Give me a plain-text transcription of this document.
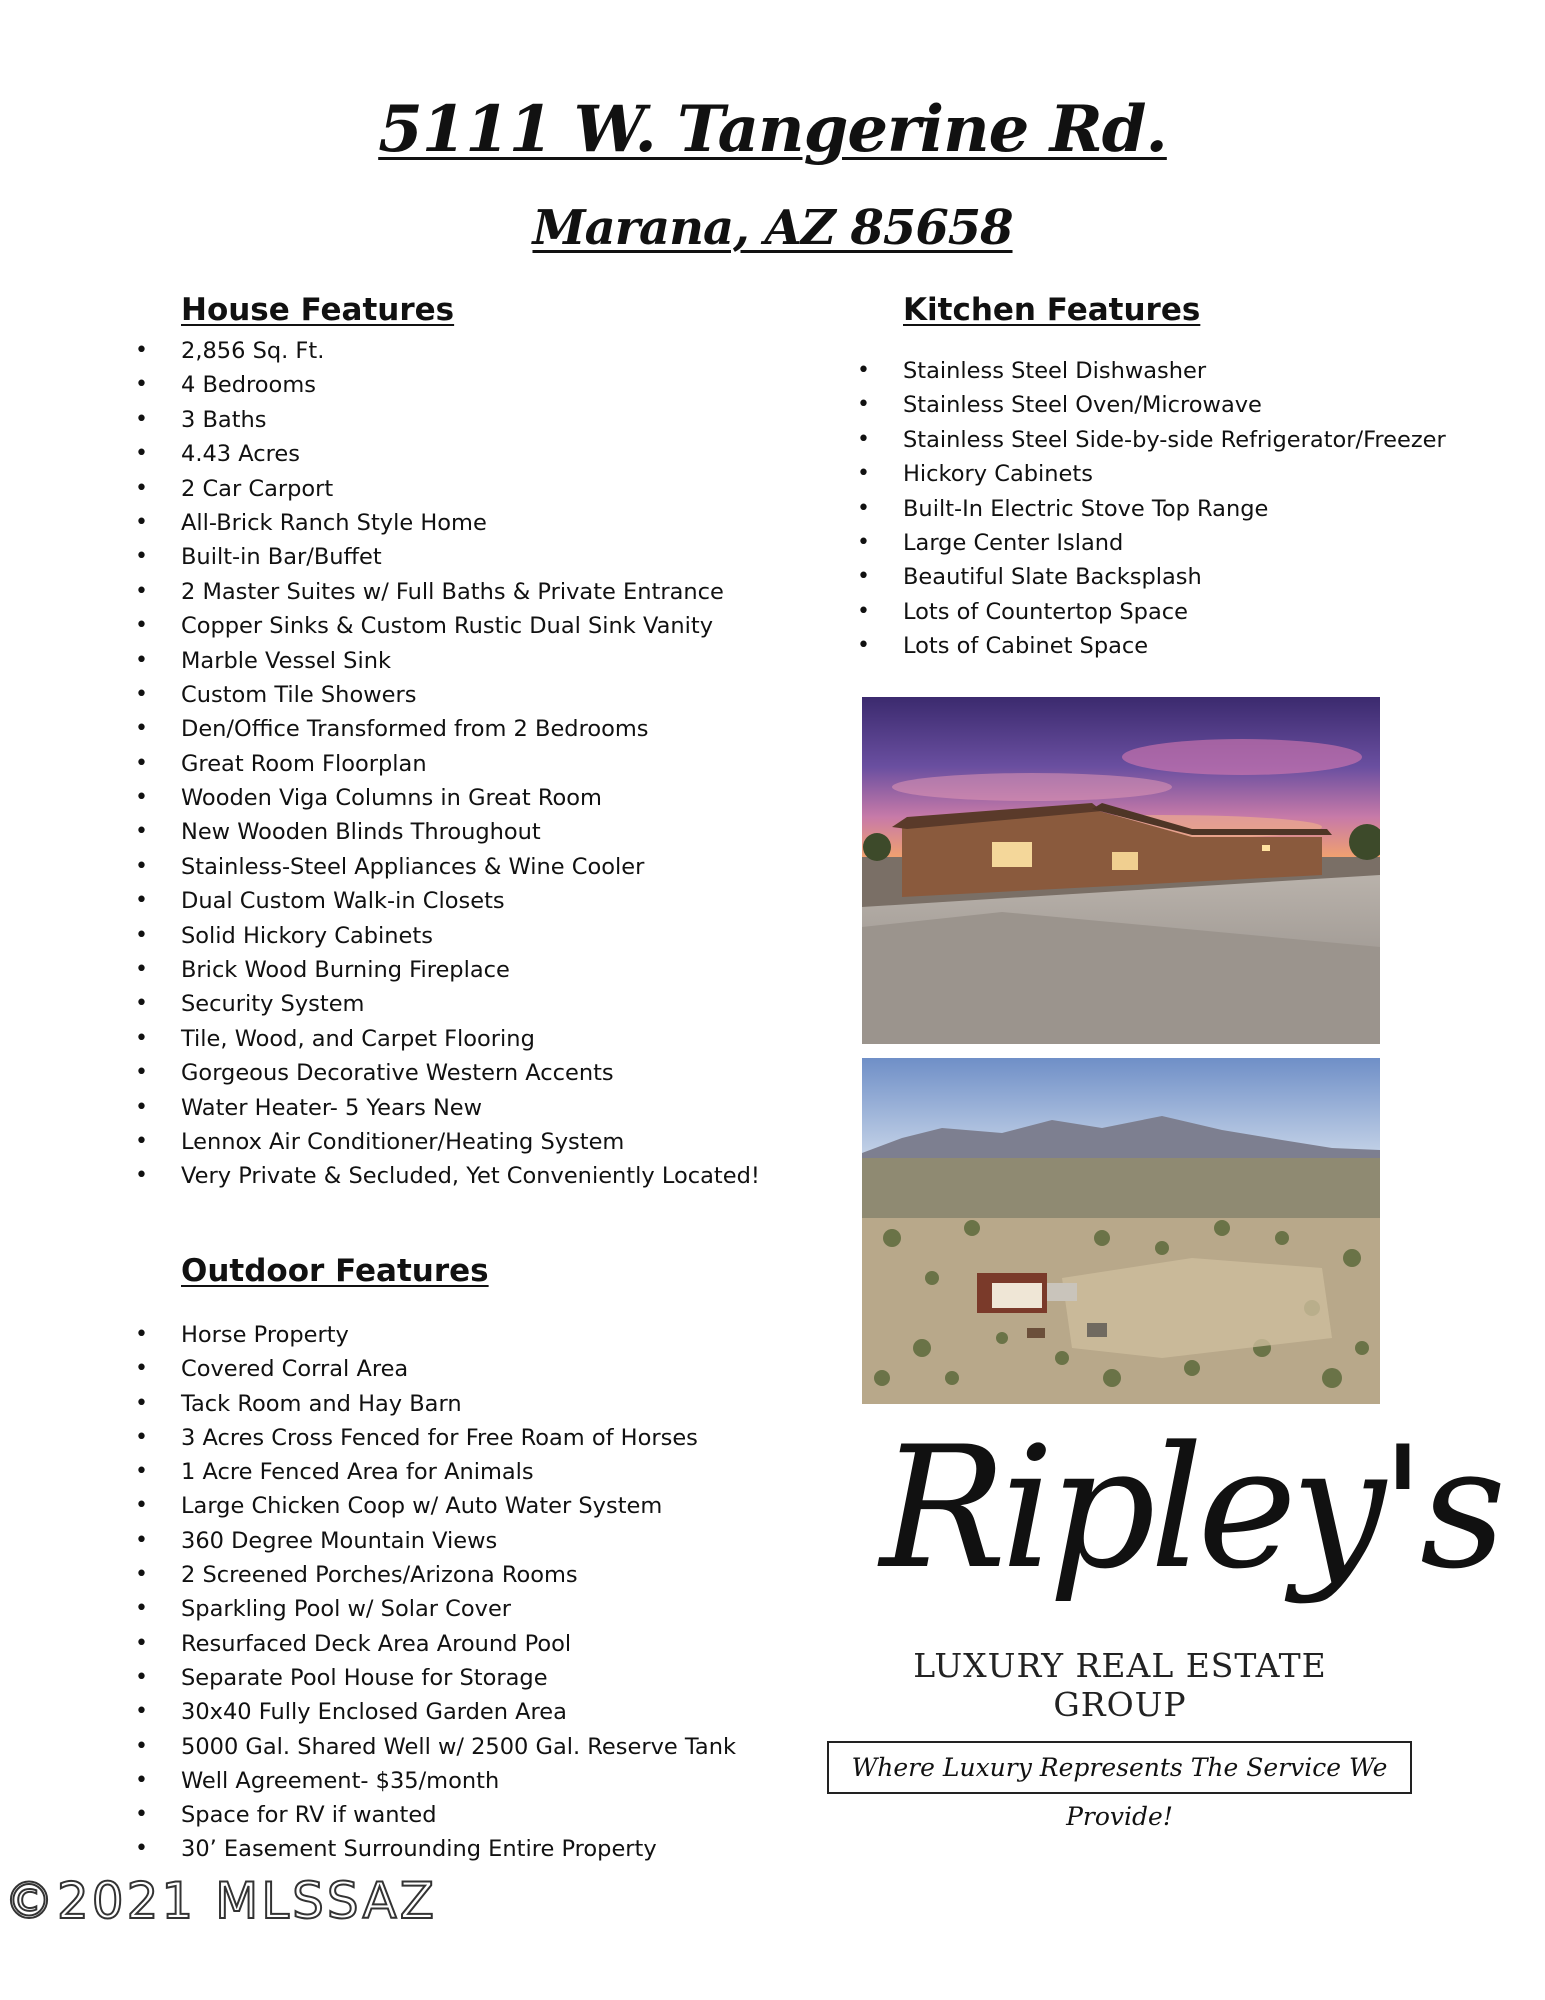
5111 W. Tangerine Rd.
Marana, AZ 85658
House Features
• 2,856 Sq. Ft.
• 4 Bedrooms
• 3 Baths
• 4.43 Acres
• 2 Car Carport
• All-Brick Ranch Style Home
• Built-in Bar/Buffet
• 2 Master Suites w/ Full Baths & Private Entrance
• Copper Sinks & Custom Rustic Dual Sink Vanity
• Marble Vessel Sink
• Custom Tile Showers
• Den/Office Transformed from 2 Bedrooms
• Great Room Floorplan
• Wooden Viga Columns in Great Room
• New Wooden Blinds Throughout
• Stainless-Steel Appliances & Wine Cooler
• Dual Custom Walk-in Closets
• Solid Hickory Cabinets
• Brick Wood Burning Fireplace
• Security System
• Tile, Wood, and Carpet Flooring
• Gorgeous Decorative Western Accents
• Water Heater- 5 Years New
• Lennox Air Conditioner/Heating System
• Very Private & Secluded, Yet Conveniently Located!
Kitchen Features
• Stainless Steel Dishwasher
• Stainless Steel Oven/Microwave
• Stainless Steel Side-by-side Refrigerator/Freezer
• Hickory Cabinets
• Built-In Electric Stove Top Range
• Large Center Island
• Beautiful Slate Backsplash
• Lots of Countertop Space
• Lots of Cabinet Space
Outdoor Features
• Horse Property
• Covered Corral Area
• Tack Room and Hay Barn
• 3 Acres Cross Fenced for Free Roam of Horses
• 1 Acre Fenced Area for Animals
• Large Chicken Coop w/ Auto Water System
• 360 Degree Mountain Views
• 2 Screened Porches/Arizona Rooms
• Sparkling Pool w/ Solar Cover
• Resurfaced Deck Area Around Pool
• Separate Pool House for Storage
• 30x40 Fully Enclosed Garden Area
• 5000 Gal. Shared Well w/ 2500 Gal. Reserve Tank
• Well Agreement- $35/month
• Space for RV if wanted
• 30’ Easement Surrounding Entire Property
Ripley's
LUXURY REAL ESTATE GROUP
Where Luxury Represents The Service We Provide!
©2021 MLSSAZ
